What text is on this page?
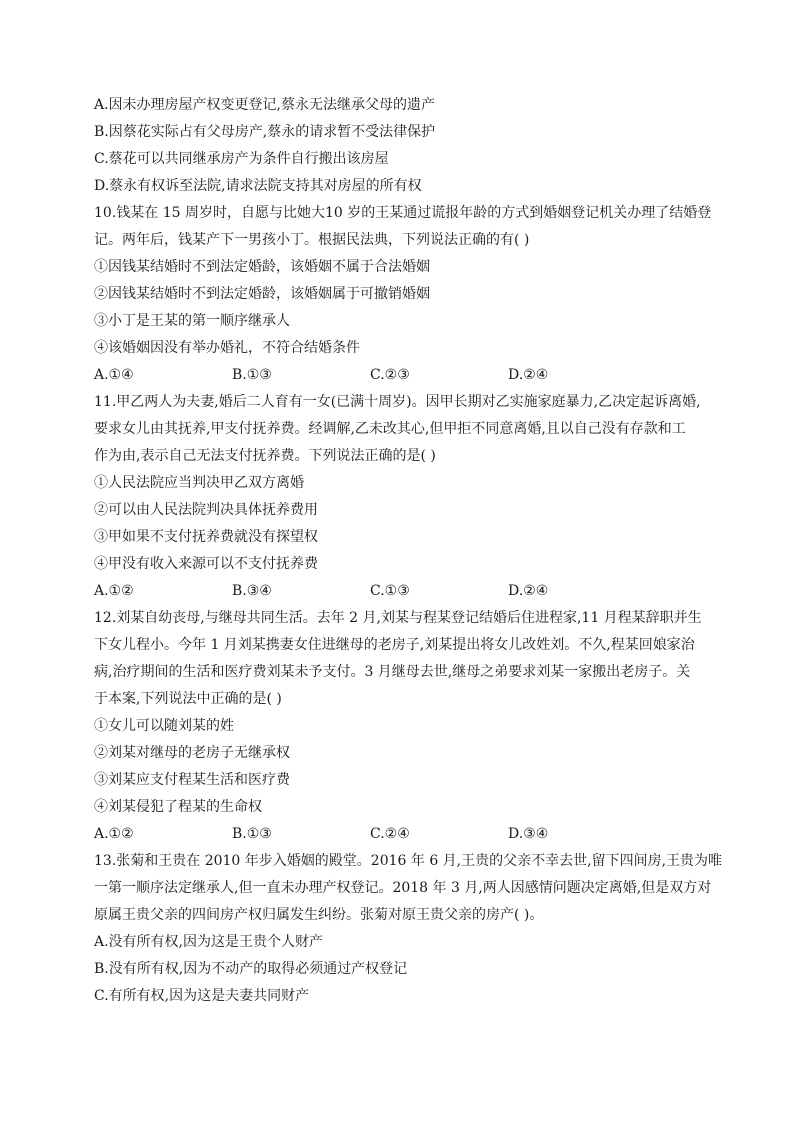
A.因未办理房屋产权变更登记,蔡永无法继承父母的遗产
B.因蔡花实际占有父母房产,蔡永的请求暂不受法律保护
C.蔡花可以共同继承房产为条件自行搬出该房屋
D.蔡永有权诉至法院,请求法院支持其对房屋的所有权
10.钱某在 15 周岁时，自愿与比她大10 岁的王某通过谎报年龄的方式到婚姻登记机关办理了结婚登
记。两年后，钱某产下一男孩小丁。根据民法典，下列说法正确的有( )
①因钱某结婚时不到法定婚龄，该婚姻不属于合法婚姻
②因钱某结婚时不到法定婚龄，该婚姻属于可撤销婚姻
③小丁是王某的第一顺序继承人
④该婚姻因没有举办婚礼，不符合结婚条件
A.①④	B.①③	C.②③	D.②④
11.甲乙两人为夫妻,婚后二人育有一女(已满十周岁)。因甲长期对乙实施家庭暴力,乙决定起诉离婚,
要求女儿由其抚养,甲支付抚养费。经调解,乙未改其心,但甲拒不同意离婚,且以自己没有存款和工
作为由,表示自己无法支付抚养费。下列说法正确的是( )
①人民法院应当判决甲乙双方离婚
②可以由人民法院判决具体抚养费用
③甲如果不支付抚养费就没有探望权
④甲没有收入来源可以不支付抚养费
A.①②	B.③④	C.①③	D.②④
12.刘某自幼丧母,与继母共同生活。去年 2 月,刘某与程某登记结婚后住进程家,11 月程某辞职并生
下女儿程小。今年 1 月刘某携妻女住进继母的老房子,刘某提出将女儿改姓刘。不久,程某回娘家治
病,治疗期间的生活和医疗费刘某未予支付。3 月继母去世,继母之弟要求刘某一家搬出老房子。关
于本案,下列说法中正确的是( )
①女儿可以随刘某的姓
②刘某对继母的老房子无继承权
③刘某应支付程某生活和医疗费
④刘某侵犯了程某的生命权
A.①②	B.①③	C.②④	D.③④
13.张菊和王贵在 2010 年步入婚姻的殿堂。2016 年 6 月,王贵的父亲不幸去世,留下四间房,王贵为唯
一第一顺序法定继承人,但一直未办理产权登记。2018 年 3 月,两人因感情问题决定离婚,但是双方对
原属王贵父亲的四间房产权归属发生纠纷。张菊对原王贵父亲的房产( )。
A.没有所有权,因为这是王贵个人财产
B.没有所有权,因为不动产的取得必须通过产权登记
C.有所有权,因为这是夫妻共同财产
